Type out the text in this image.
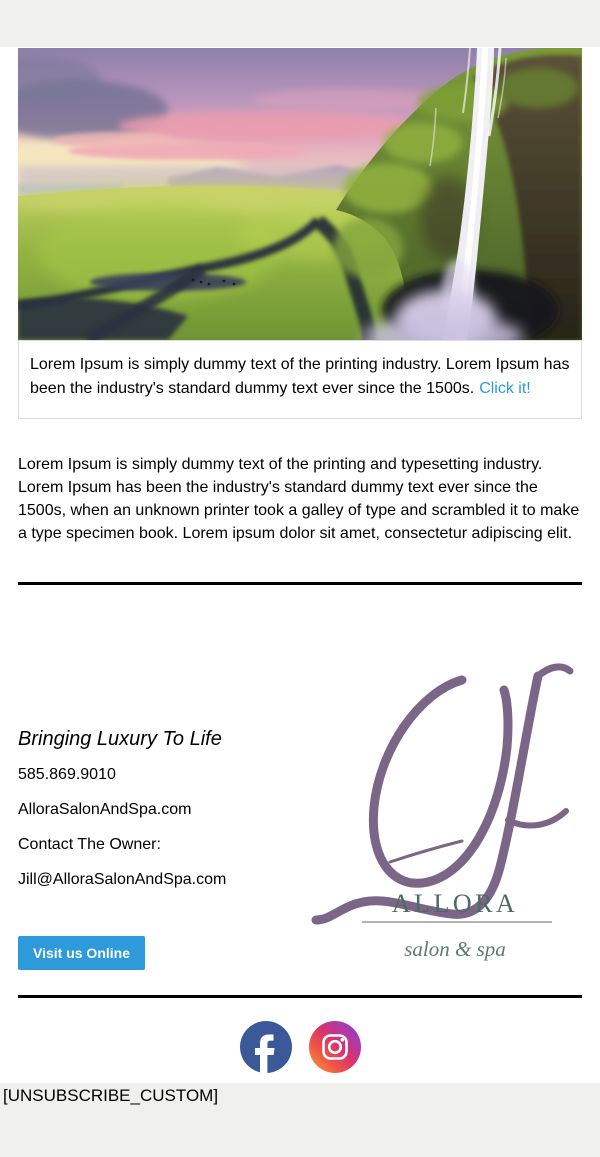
Lorem Ipsum is simply dummy text of the printing industry. Lorem Ipsum has been the industry's standard dummy text ever since the 1500s. Click it!

Lorem Ipsum is simply dummy text of the printing and typesetting industry. Lorem Ipsum has been the industry's standard dummy text ever since the 1500s, when an unknown printer took a galley of type and scrambled it to make a type specimen book. Lorem ipsum dolor sit amet, consectetur adipiscing elit.

Bringing Luxury To Life

585.869.9010

AlloraSalonAndSpa.com

Contact The Owner:

Jill@AlloraSalonAndSpa.com

Visit us Online
ALLORA
salon & spa
[UNSUBSCRIBE_CUSTOM]
